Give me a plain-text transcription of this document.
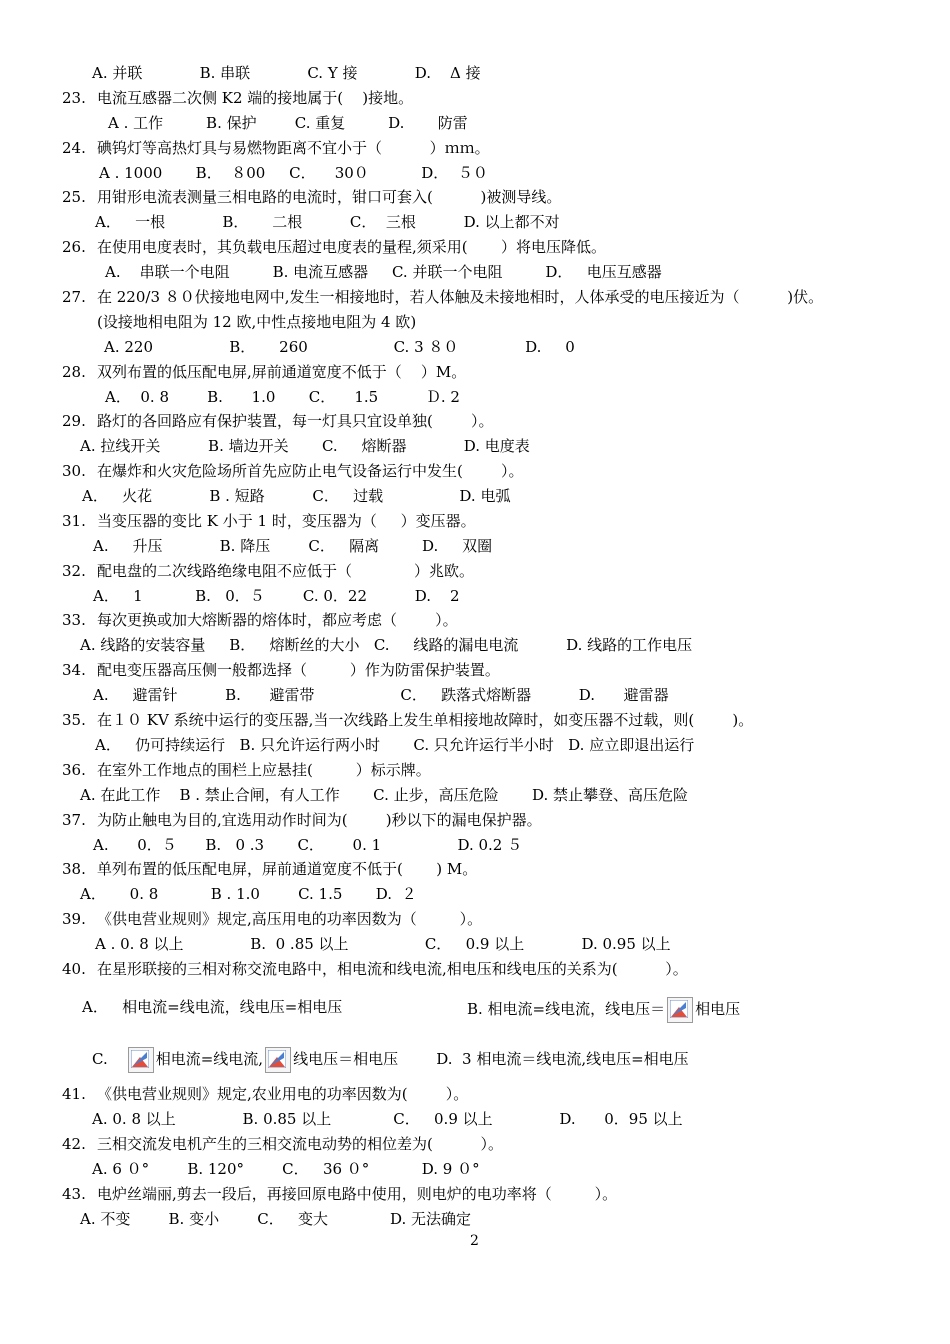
A. 并联            B. 串联            C. Y 接            D.    Δ 接
23. 电流互感器二次侧 K2 端的接地属于(    )接地。
A . 工作         B. 保护        C. 重复         D.       防雷
24. 碘钨灯等高热灯具与易燃物距离不宜小于（          ）ｍｍ。
A . 1000       B．  ８00     C．    30０           D．  ５０
25. 用钳形电流表测量三相电路的电流时，钳口可套入(          )被测导线。
A．   一根            B．     二根          C．  三根          D. 以上都不对
26. 在使用电度表时，其负载电压超过电度表的量程,须采用(       ）将电压降低。
A.    串联一个电阻         B. 电流互感器     C. 并联一个电阻         D．   电压互感器
27. 在 220/3 ８０伏接地电网中,发生一相接地时，若人体触及未接地相时，人体承受的电压接近为（          )伏。
(设接地相电阻为 12 欧,中性点接地电阻为 4 欧)
A. 220                B．     260                  C. 3 ８０              D.     0
28. 双列布置的低压配电屏,屏前通道宽度不低于（    ）M。
A．  0. 8        B.      1.0       C．    1.5          Ｄ. 2
29. 路灯的各回路应有保护装置，每一灯具只宜设单独(        ）。
A. 拉线开关          B. 墙边开关       C.     熔断器            D. 电度表
30. 在爆炸和火灾危险场所首先应防止电气设备运行中发生(        ）。
A．   火花            B . 短路          C．   过载                D. 电弧
31. 当变压器的变比 K 小于 1 时，变压器为（     ）变压器。
A.     升压            B. 降压        C．   隔离         D.     双圈
32. 配电盘的二次线路绝缘电阻不应低于（             ）兆欧。
A．   1           B.   0．５        C. 0．22          D.    2
33. 每次更换或加大熔断器的熔体时，都应考虑（        ）。
A. 线路的安装容量     B．   熔断丝的大小   C.     线路的漏电电流          D. 线路的工作电压
34. 配电变压器高压侧一般都选择（         ）作为防雷保护装置。
A.     避雷针          B.      避雷带                  C．   跌落式熔断器          D.      避雷器
35. 在１０ KV 系统中运行的变压器,当一次线路上发生单相接地故障时，如变压器不过载，则(        )。
A．   仍可持续运行   B. 只允许运行两小时       C. 只允许运行半小时   D. 应立即退出运行
36. 在室外工作地点的围栏上应悬挂(         ）标示牌。
A. 在此工作    B . 禁止合闸，有人工作       C. 止步，高压危险       D. 禁止攀登、高压危险
37. 为防止触电为目的,宜选用动作时间为(        )秒以下的漏电保护器。
A.      0．５      B.   0 .3       C．      0. 1                D. 0.2 ５
38. 单列布置的低压配电屏，屏前通道宽度不低于(       ) M。
A．     0. 8           B . 1.0        C. 1.5       D.  ２
39. 《供电营业规则》规定,高压用电的功率因数为（         ）。
A . 0. 8 以上              B.  0 .85 以上                C．   0.9 以上            D. 0.95 以上
40. 在星形联接的三相对称交流电路中，相电流和线电流,相电压和线电压的关系为(          ）。
A．   相电流=线电流，线电压=相电压	B. 相电流=线电流，线电压＝ 相电压
C.	相电流=线电流, 线电压＝相电压        D.  3 相电流＝线电流,线电压=相电压
41. 《供电营业规则》规定,农业用电的功率因数为(        ）。
A. 0. 8 以上              B. 0.85 以上             C．   0.9 以上              D.      0．95 以上
42. 三相交流发电机产生的三相交流电动势的相位差为(          ）。
A. 6 ０°        B. 120°        C．   36 ０°           D. 9 ０°
43. 电炉丝端丽,剪去一段后，再接回原电路中使用，则电炉的电功率将（         ）。
A. 不变        B. 变小        C．   变大             D. 无法确定
2
